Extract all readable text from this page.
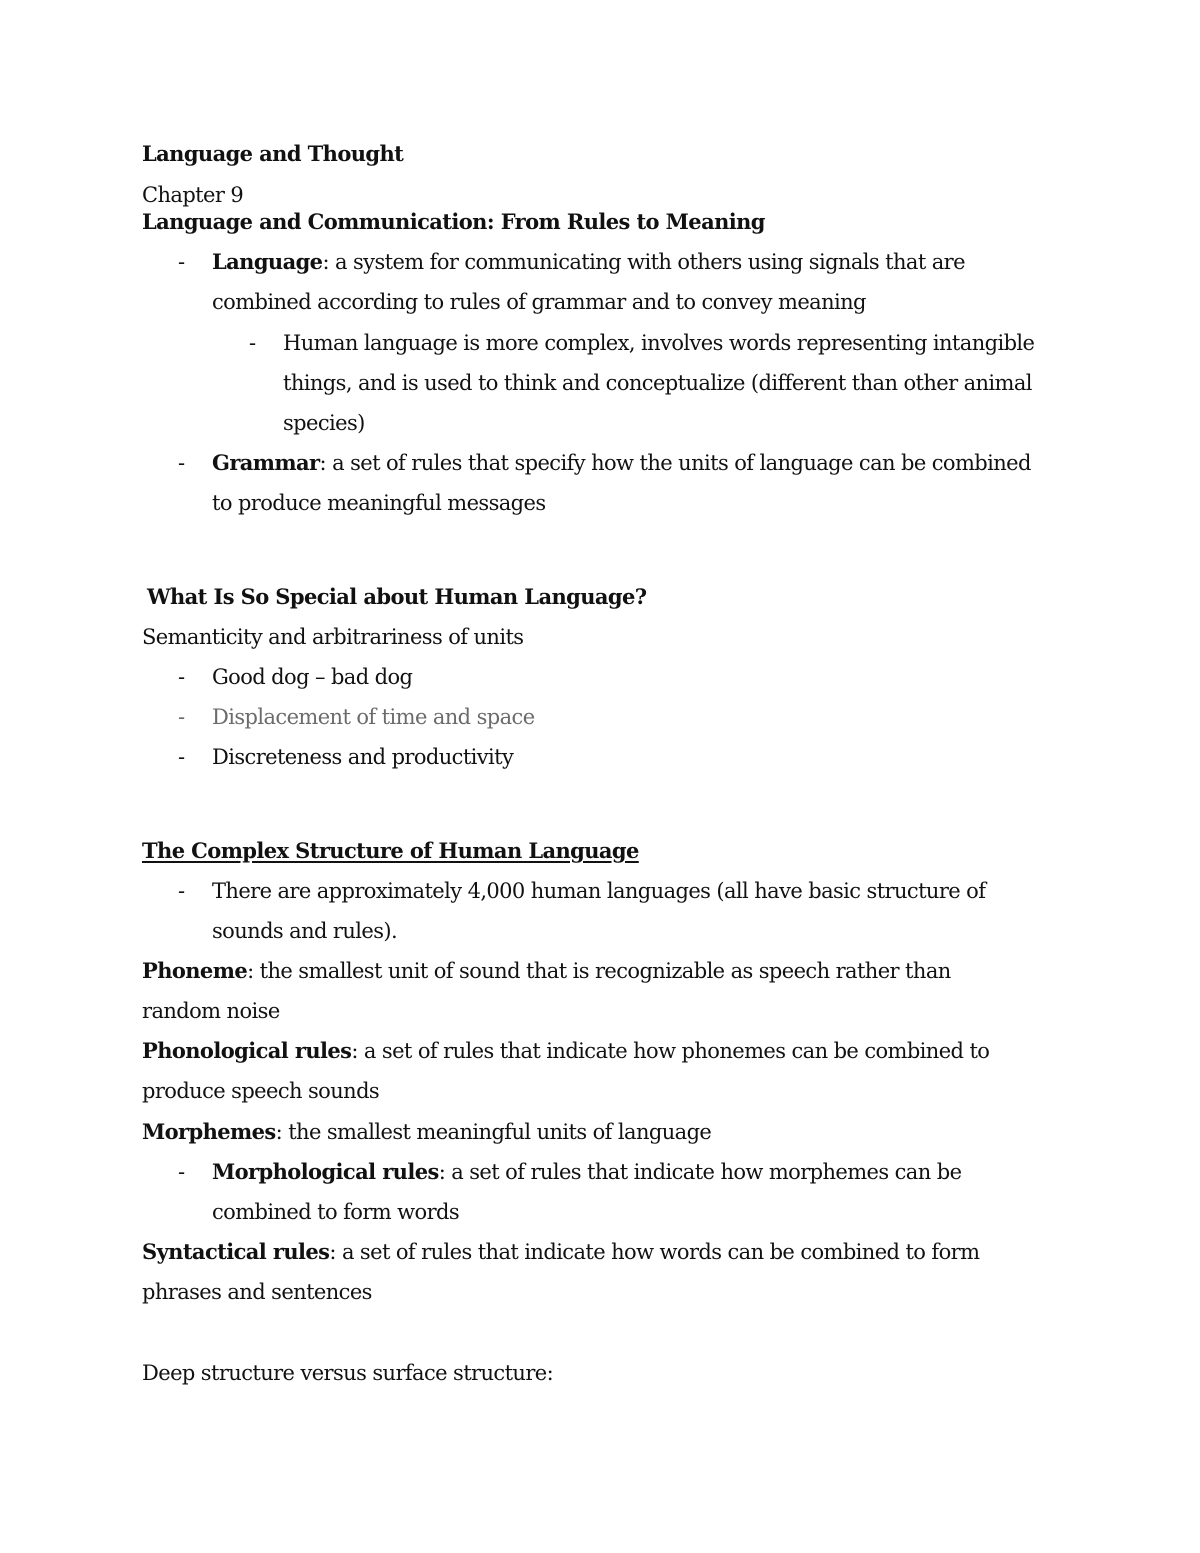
Language and Thought
Chapter 9
Language and Communication: From Rules to Meaning
- Language: a system for communicating with others using signals that are
combined according to rules of grammar and to convey meaning
- Human language is more complex, involves words representing intangible
things, and is used to think and conceptualize (different than other animal
species)
- Grammar: a set of rules that specify how the units of language can be combined
to produce meaningful messages
What Is So Special about Human Language?
Semanticity and arbitrariness of units
- Good dog – bad dog
- Displacement of time and space
- Discreteness and productivity
The Complex Structure of Human Language
- There are approximately 4,000 human languages (all have basic structure of
sounds and rules).
Phoneme: the smallest unit of sound that is recognizable as speech rather than
random noise
Phonological rules: a set of rules that indicate how phonemes can be combined to
produce speech sounds
Morphemes: the smallest meaningful units of language
- Morphological rules: a set of rules that indicate how morphemes can be
combined to form words
Syntactical rules: a set of rules that indicate how words can be combined to form
phrases and sentences
Deep structure versus surface structure:
